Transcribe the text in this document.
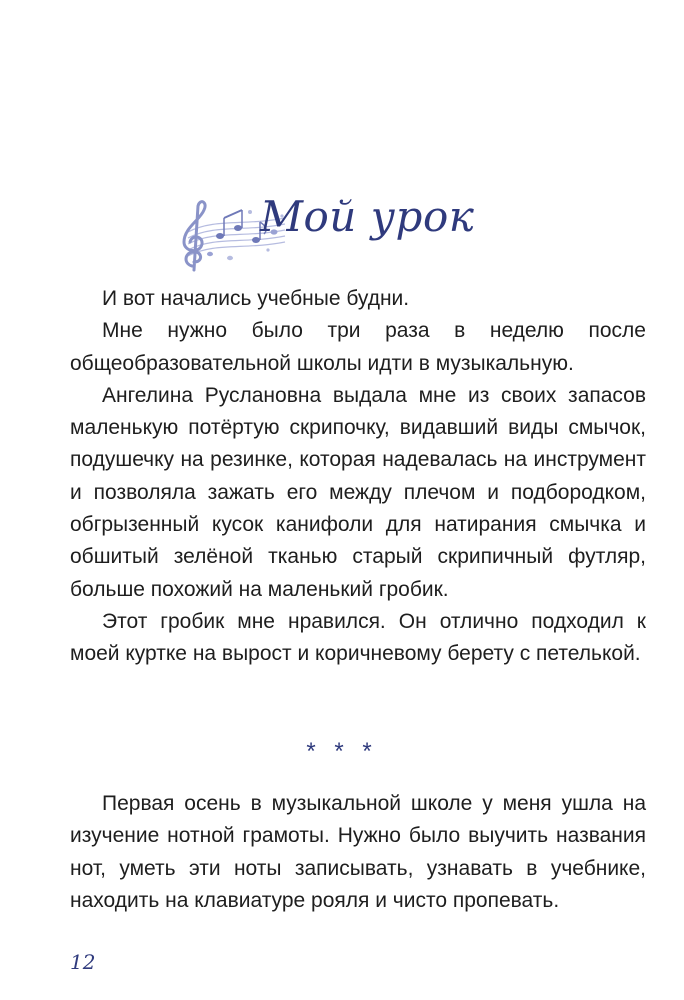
Мой урок

И вот начались учебные будни.

Мне нужно было три раза в неделю после общеобразовательной школы идти в музыкальную.

Ангелина Руслановна выдала мне из своих запасов маленькую потёртую скрипочку, видавший виды смычок, подушечку на резинке, которая надевалась на инструмент и позволяла зажать его между плечом и подбородком, обгрызенный кусок канифоли для натирания смычка и обшитый зелёной тканью старый скрипичный футляр, больше похожий на маленький гробик.

Этот гробик мне нравился. Он отлично подходил к моей куртке на вырост и коричневому берету с петелькой.

* * *

Первая осень в музыкальной школе у меня ушла на изучение нотной грамоты. Нужно было выучить названия нот, уметь эти ноты записывать, узнавать в учебнике, находить на клавиатуре рояля и чисто пропевать.

12
